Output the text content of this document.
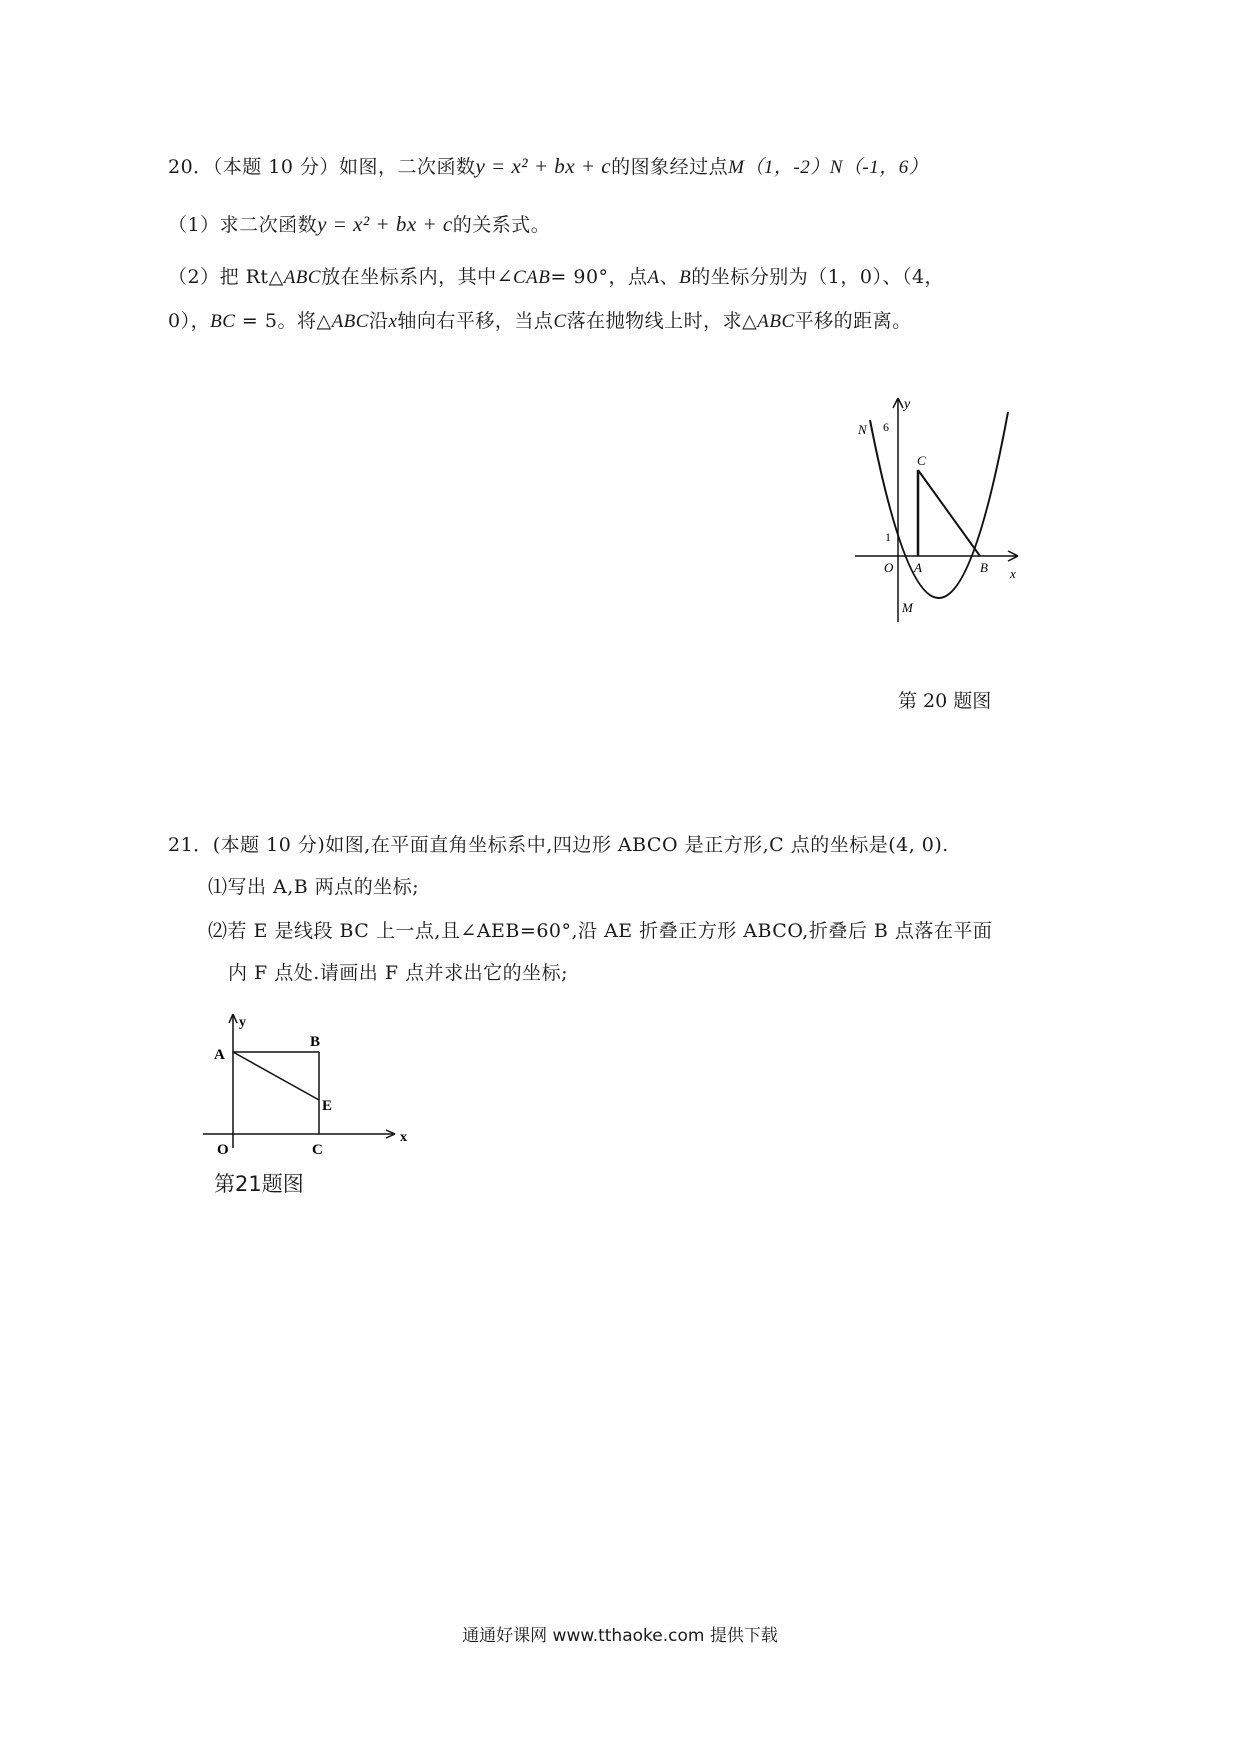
20．（本题 10 分）如图，二次函数y = x² + bx + c的图象经过点M（1，-2）N（-1，6）
（1）求二次函数y = x² + bx + c的关系式。
（2）把 Rt△ABC放在坐标系内，其中∠CAB= 90°，点A、B的坐标分别为（1，0）、（4，
0），BC = 5。将△ABC沿x轴向右平移，当点C落在抛物线上时，求△ABC平移的距离。
y
N 6
C
1
O A	B x
M
第 20 题图
21．(本题 10 分)如图,在平面直角坐标系中,四边形 ABCO 是正方形,C 点的坐标是(4, 0).
⑴写出 A,B 两点的坐标;
⑵若 E 是线段 BC 上一点,且∠AEB=60°,沿 AE 折叠正方形 ABCO,折叠后 B 点落在平面
内 F 点处.请画出 F 点并求出它的坐标;
y
A
B
E
O	C
x
第21题图
通通好课网 www.tthaoke.com 提供下载
